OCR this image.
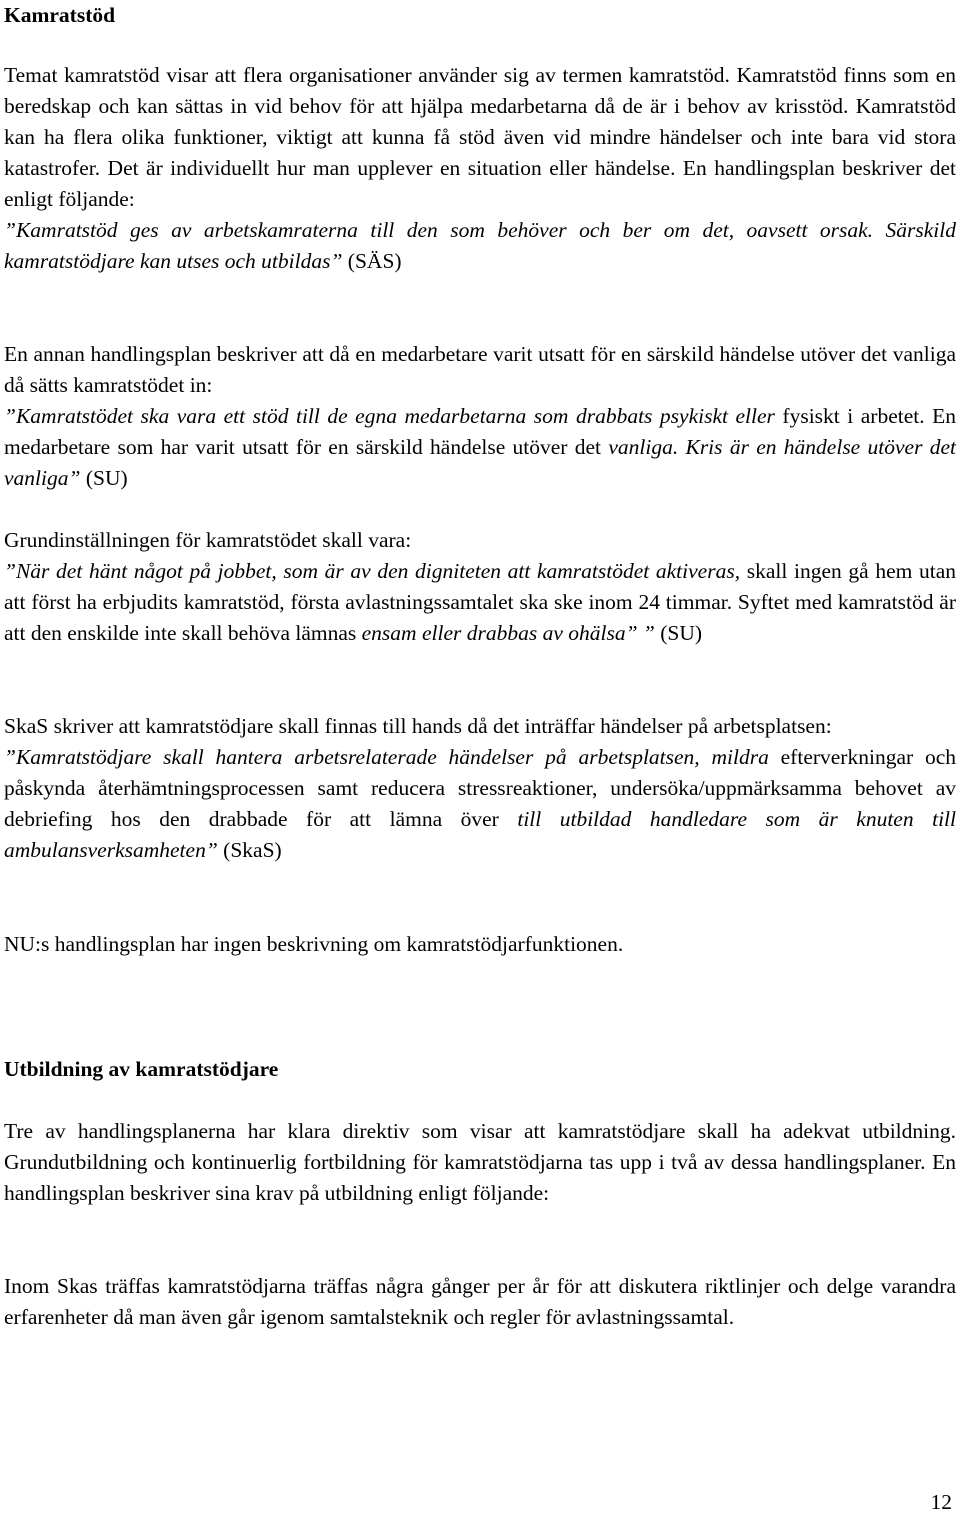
Kamratstöd

Temat kamratstöd visar att flera organisationer använder sig av termen kamratstöd. Kamratstöd finns som en beredskap och kan sättas in vid behov för att hjälpa medarbetarna då de är i behov av krisstöd. Kamratstöd kan ha flera olika funktioner, viktigt att kunna få stöd även vid mindre händelser och inte bara vid stora katastrofer. Det är individuellt hur man upplever en situation eller händelse. En handlingsplan beskriver det enligt följande:
”Kamratstöd ges av arbetskamraterna till den som behöver och ber om det, oavsett orsak. Särskild kamratstödjare kan utses och utbildas” (SÄS)

En annan handlingsplan beskriver att då en medarbetare varit utsatt för en särskild händelse utöver det vanliga då sätts kamratstödet in:
”Kamratstödet ska vara ett stöd till de egna medarbetarna som drabbats psykiskt eller fysiskt i arbetet. En medarbetare som har varit utsatt för en särskild händelse utöver det vanliga. Kris är en händelse utöver det vanliga” (SU)

Grundinställningen för kamratstödet skall vara:
”När det hänt något på jobbet, som är av den digniteten att kamratstödet aktiveras, skall ingen gå hem utan att först ha erbjudits kamratstöd, första avlastningssamtalet ska ske inom 24 timmar. Syftet med kamratstöd är att den enskilde inte skall behöva lämnas ensam eller drabbas av ohälsa” ” (SU)

SkaS skriver att kamratstödjare skall finnas till hands då det inträffar händelser på arbetsplatsen:
”Kamratstödjare skall hantera arbetsrelaterade händelser på arbetsplatsen, mildra efterverkningar och påskynda återhämtningsprocessen samt reducera stressreaktioner, undersöka/uppmärksamma behovet av debriefing hos den drabbade för att lämna över till utbildad handledare som är knuten till ambulansverksamheten” (SkaS)

NU:s handlingsplan har ingen beskrivning om kamratstödjarfunktionen.

Utbildning av kamratstödjare

Tre av handlingsplanerna har klara direktiv som visar att kamratstödjare skall ha adekvat utbildning. Grundutbildning och kontinuerlig fortbildning för kamratstödjarna tas upp i två av dessa handlingsplaner. En handlingsplan beskriver sina krav på utbildning enligt följande:

Inom Skas träffas kamratstödjarna träffas några gånger per år för att diskutera riktlinjer och delge varandra erfarenheter då man även går igenom samtalsteknik och regler för avlastningssamtal.

12
